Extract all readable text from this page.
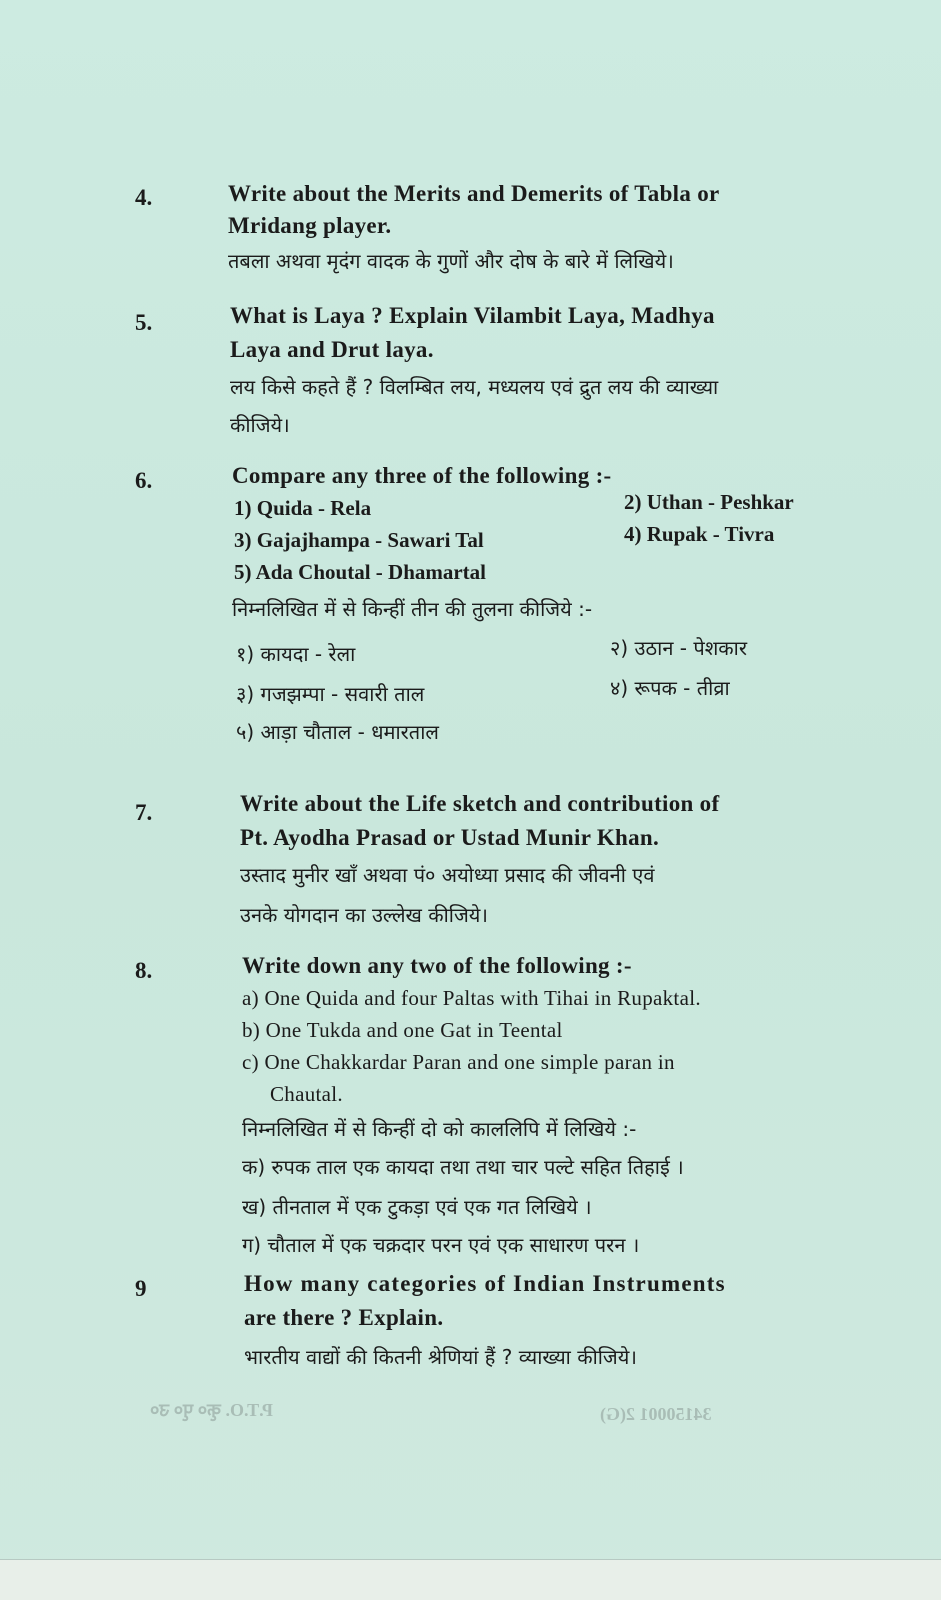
4.	Write about the Merits and Demerits of Tabla or
Mridang player.
तबला अथवा मृदंग वादक के गुणों और दोष के बारे में लिखिये।
5.	What is Laya ? Explain Vilambit Laya, Madhya
Laya and Drut laya.
लय किसे कहते हैं ? विलम्बित लय, मध्यलय एवं द्रुत लय की व्याख्या
कीजिये।
6.	Compare any three of the following :-
1) Quida - Rela	2) Uthan - Peshkar
3) Gajajhampa - Sawari Tal	4) Rupak - Tivra
5) Ada Choutal - Dhamartal
निम्नलिखित में से किन्हीं तीन की तुलना कीजिये :-
१) कायदा - रेला	२) उठान - पेशकार
३) गजझम्पा - सवारी ताल	४) रूपक - तीव्रा
५) आड़ा चौताल - धमारताल
7.	Write about the Life sketch and contribution of
Pt. Ayodha Prasad or Ustad Munir Khan.
उस्ताद मुनीर खाँ अथवा पं० अयोध्या प्रसाद की जीवनी एवं
उनके योगदान का उल्लेख कीजिये।
8.	Write down any two of the following :-
a) One Quida and four Paltas with Tihai in Rupaktal.
b) One Tukda and one Gat in Teental
c) One Chakkardar Paran and one simple paran in
Chautal.
निम्नलिखित में से किन्हीं दो को काललिपि में लिखिये :-
क) रुपक ताल एक कायदा तथा तथा चार पल्टे सहित तिहाई ।
ख) तीनताल में एक टुकड़ा एवं एक गत लिखिये ।
ग) चौताल में एक चक्रदार परन एवं एक साधारण परन ।
9	How many categories of Indian Instruments
are there ? Explain.
भारतीय वाद्यों की कितनी श्रेणियां हैं ? व्याख्या कीजिये।
P.T.O. कृ० पृ० उ०	34150001 2(G)
